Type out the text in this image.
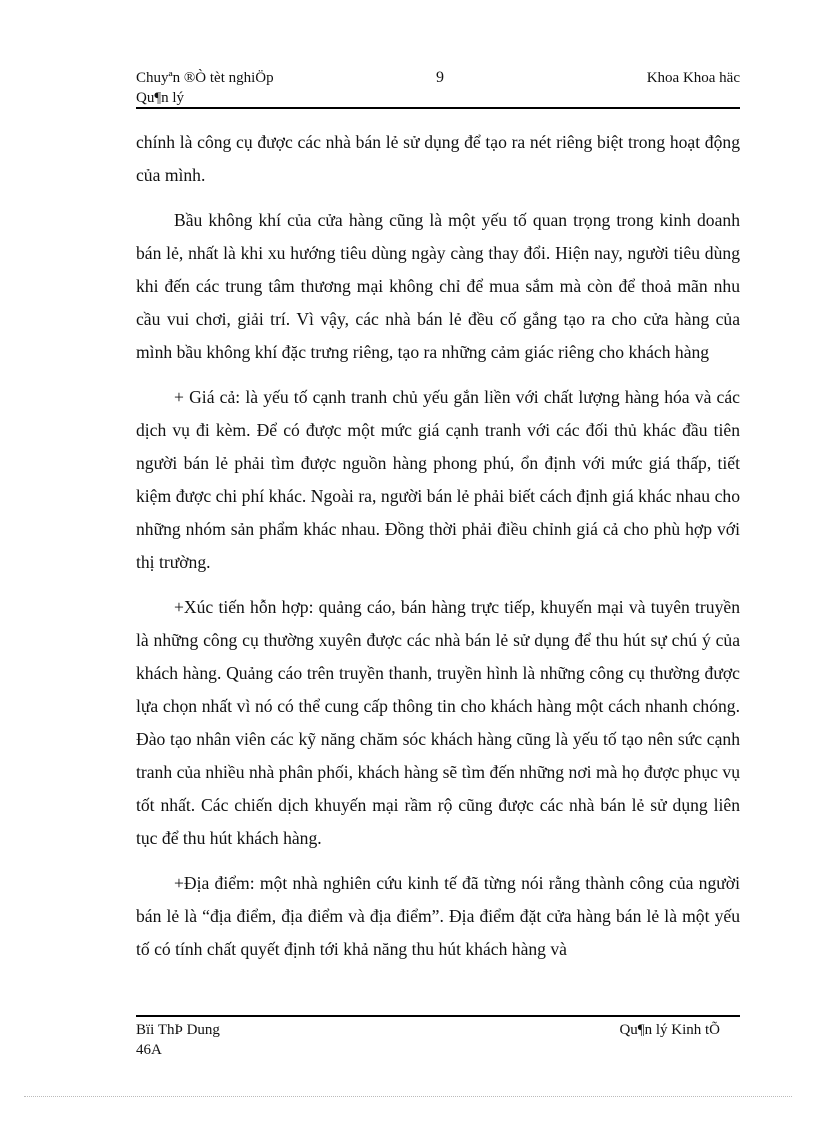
Chuyªn ®Ò tèt nghiÖp
Qu¶n lý
9	Khoa Khoa häc

chính là công cụ được các nhà bán lẻ sử dụng để tạo ra nét riêng biệt trong hoạt động của mình.

Bầu không khí của cửa hàng cũng là một yếu tố quan trọng trong kinh doanh bán lẻ, nhất là khi xu hướng tiêu dùng ngày càng thay đổi. Hiện nay, người tiêu dùng khi đến các trung tâm thương mại không chỉ để mua sắm mà còn để thoả mãn nhu cầu vui chơi, giải trí. Vì vậy, các nhà bán lẻ đều cố gắng tạo ra cho cửa hàng của mình bầu không khí đặc trưng riêng, tạo ra những cảm giác riêng cho khách hàng

+ Giá cả: là yếu tố cạnh tranh chủ yếu gắn liền với chất lượng hàng hóa và các dịch vụ đi kèm. Để có được một mức giá cạnh tranh với các đối thủ khác đầu tiên người bán lẻ phải tìm được nguồn hàng phong phú, ổn định với mức giá thấp, tiết kiệm được chi phí khác. Ngoài ra, người bán lẻ phải biết cách định giá khác nhau cho những nhóm sản phẩm khác nhau. Đồng thời phải điều chỉnh giá cả cho phù hợp với thị trường.

+Xúc tiến hỗn hợp: quảng cáo, bán hàng trực tiếp, khuyến mại và tuyên truyền là những công cụ thường xuyên được các nhà bán lẻ sử dụng để thu hút sự chú ý của khách hàng. Quảng cáo trên truyền thanh, truyền hình là những công cụ thường được lựa chọn nhất vì nó có thể cung cấp thông tin cho khách hàng một cách nhanh chóng. Đào tạo nhân viên các kỹ năng chăm sóc khách hàng cũng là yếu tố tạo nên sức cạnh tranh của nhiều nhà phân phối, khách hàng sẽ tìm đến những nơi mà họ được phục vụ tốt nhất. Các chiến dịch khuyến mại rầm rộ cũng được các nhà bán lẻ sử dụng liên tục để thu hút khách hàng.

+Địa điểm: một nhà nghiên cứu kinh tế đã từng nói rằng thành công của người bán lẻ là “địa điểm, địa điểm và địa điểm”. Địa điểm đặt cửa hàng bán lẻ là một yếu tố có tính chất quyết định tới khả năng thu hút khách hàng và

Bïi ThÞ Dung
46A
Qu¶n lý Kinh tÕ
